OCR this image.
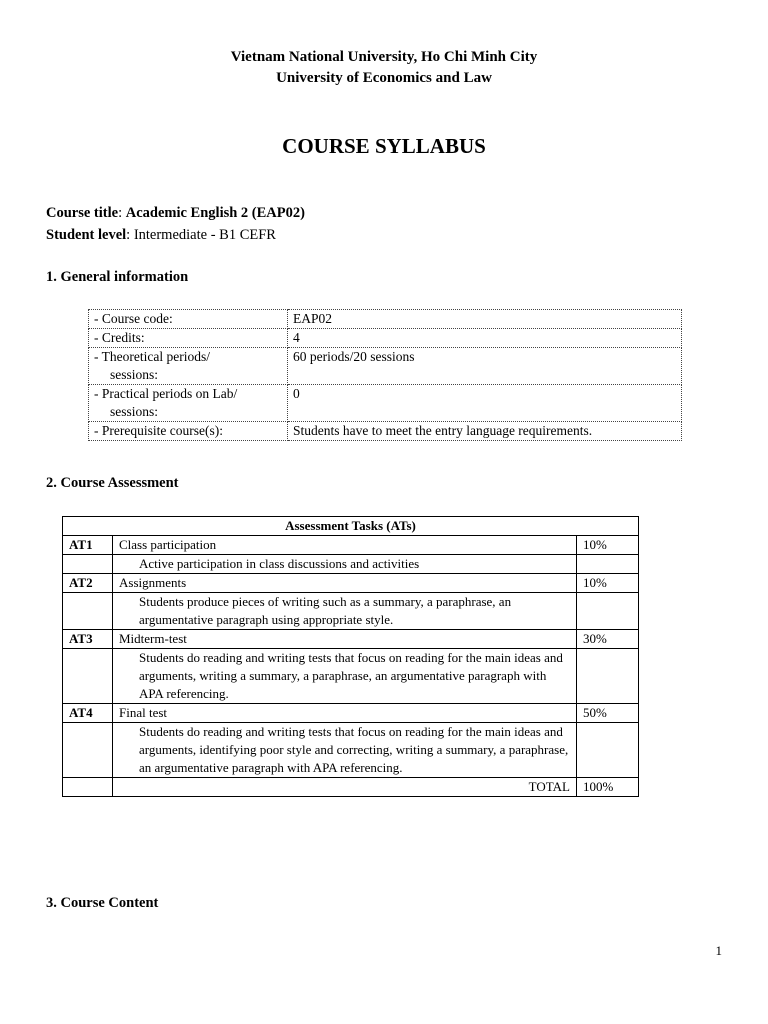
Vietnam National University, Ho Chi Minh City
University of Economics and Law
COURSE SYLLABUS
Course title: Academic English 2 (EAP02)
Student level: Intermediate - B1 CEFR
1. General information
- Course code:	EAP02
- Credits:	4
- Theoretical periods/
sessions:	60 periods/20 sessions
- Practical periods on Lab/
sessions:	0
- Prerequisite course(s):	Students have to meet the entry language requirements.
2. Course Assessment
Assessment Tasks (ATs)		
AT1	Class participation	10%
	Active participation in class discussions and activities	
AT2	Assignments	10%
	Students produce pieces of writing such as a summary, a paraphrase, an argumentative paragraph using appropriate style.	
AT3	Midterm-test	30%
	Students do reading and writing tests that focus on reading for the main ideas and arguments, writing a summary, a paraphrase, an argumentative paragraph with APA referencing.	
AT4	Final test	50%
	Students do reading and writing tests that focus on reading for the main ideas and arguments, identifying poor style and correcting, writing a summary, a paraphrase, an argumentative paragraph with APA referencing.	
	TOTAL	100%
3. Course Content
1
